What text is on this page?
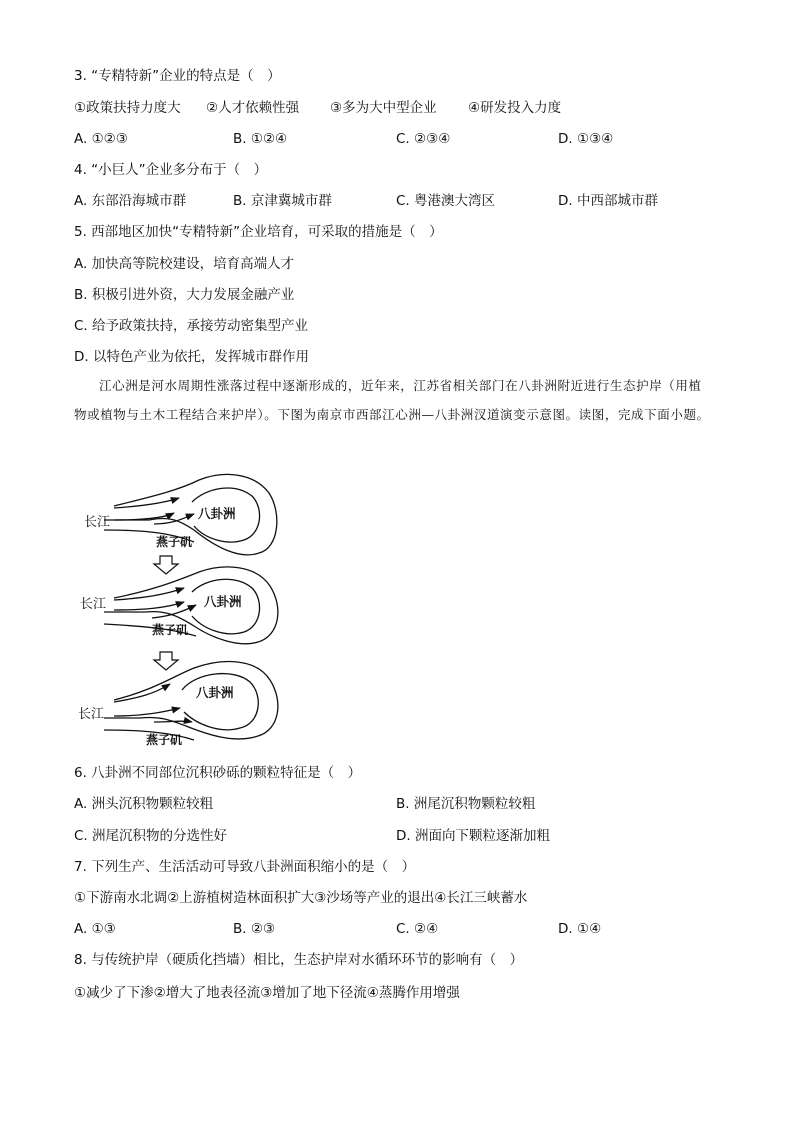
3. “专精特新”企业的特点是（　）
①政策扶持力度大 ②人才依赖性强 ③多为大中型企业 ④研发投入力度
A. ①②③	B. ①②④	C. ②③④	D. ①③④
4. “小巨人”企业多分布于（　）
A. 东部沿海城市群	B. 京津冀城市群	C. 粤港澳大湾区	D. 中西部城市群
5. 西部地区加快“专精特新”企业培育，可采取的措施是（　）
A. 加快高等院校建设，培育高端人才
B. 积极引进外资，大力发展金融产业
C. 给予政策扶持，承接劳动密集型产业
D. 以特色产业为依托，发挥城市群作用
江心洲是河水周期性涨落过程中逐渐形成的，近年来，江苏省相关部门在八卦洲附近进行生态护岸（用植物或植物与土木工程结合来护岸）。下图为南京市西部江心洲—八卦洲汊道演变示意图。读图，完成下面小题。
长江
八卦洲
燕子矶
长江	八卦洲
燕子矶
长江
八卦洲
燕子矶
6. 八卦洲不同部位沉积砂砾的颗粒特征是（　）
A. 洲头沉积物颗粒较粗	B. 洲尾沉积物颗粒较粗
C. 洲尾沉积物的分选性好	D. 洲面向下颗粒逐渐加粗
7. 下列生产、生活活动可导致八卦洲面积缩小的是（　）
①下游南水北调②上游植树造林面积扩大③沙场等产业的退出④长江三峡蓄水
A. ①③	B. ②③	C. ②④	D. ①④
8. 与传统护岸（硬质化挡墙）相比，生态护岸对水循环环节的影响有（　）
①减少了下渗②增大了地表径流③增加了地下径流④蒸腾作用增强
